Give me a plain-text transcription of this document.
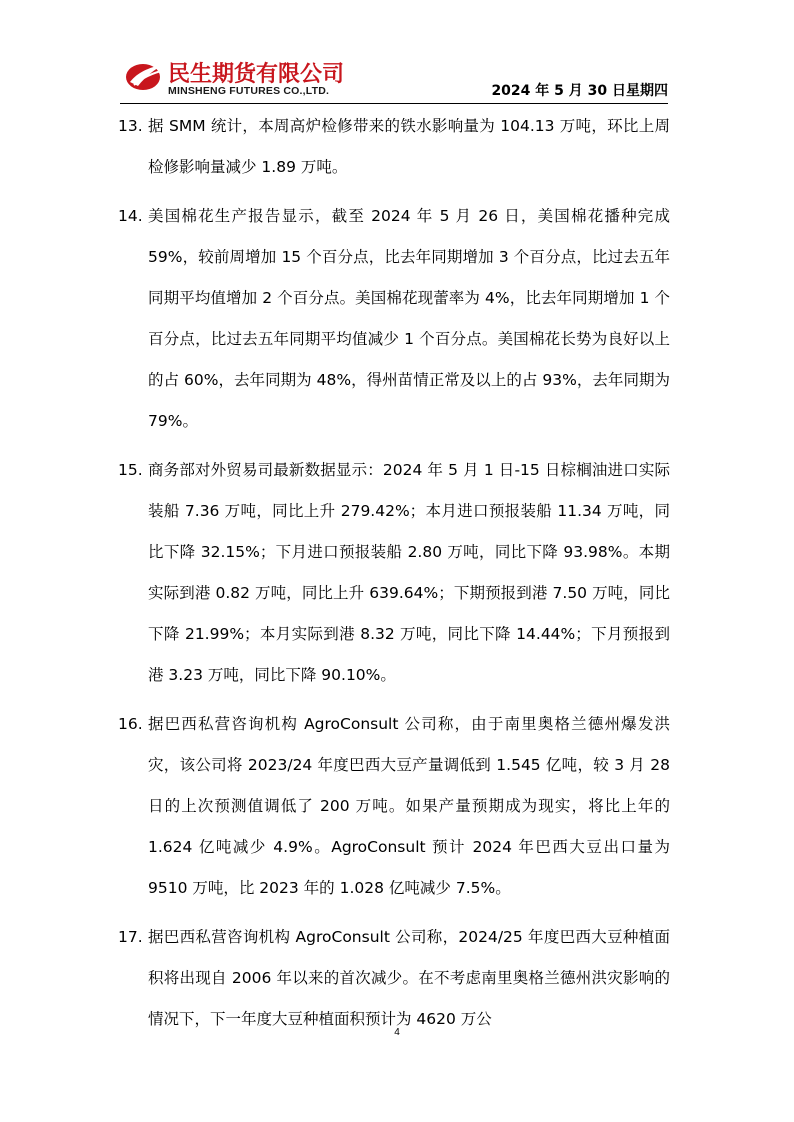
民生期货有限公司
MINSHENG FUTURES CO.,LTD.	2024 年 5 月 30 日星期四
13. 据 SMM 统计，本周高炉检修带来的铁水影响量为 104.13 万吨，环比上周检修影响量减少 1.89 万吨。
14. 美国棉花生产报告显示，截至 2024 年 5 月 26 日，美国棉花播种完成 59%，较前周增加 15 个百分点，比去年同期增加 3 个百分点，比过去五年同期平均值增加 2 个百分点。美国棉花现蕾率为 4%，比去年同期增加 1 个百分点，比过去五年同期平均值减少 1 个百分点。美国棉花长势为良好以上的占 60%，去年同期为 48%，得州苗情正常及以上的占 93%，去年同期为 79%。
15. 商务部对外贸易司最新数据显示：2024 年 5 月 1 日-15 日棕榈油进口实际装船 7.36 万吨，同比上升 279.42%；本月进口预报装船 11.34 万吨，同比下降 32.15%；下月进口预报装船 2.80 万吨，同比下降 93.98%。本期实际到港 0.82 万吨，同比上升 639.64%；下期预报到港 7.50 万吨，同比下降 21.99%；本月实际到港 8.32 万吨，同比下降 14.44%；下月预报到港 3.23 万吨，同比下降 90.10%。
16. 据巴西私营咨询机构 AgroConsult 公司称，由于南里奥格兰德州爆发洪灾，该公司将 2023/24 年度巴西大豆产量调低到 1.545 亿吨，较 3 月 28 日的上次预测值调低了 200 万吨。如果产量预期成为现实，将比上年的 1.624 亿吨减少 4.9%。AgroConsult 预计 2024 年巴西大豆出口量为 9510 万吨，比 2023 年的 1.028 亿吨减少 7.5%。
17. 据巴西私营咨询机构 AgroConsult 公司称，2024/25 年度巴西大豆种植面积将出现自 2006 年以来的首次减少。在不考虑南里奥格兰德州洪灾影响的情况下，下一年度大豆种植面积预计为 4620 万公
4
